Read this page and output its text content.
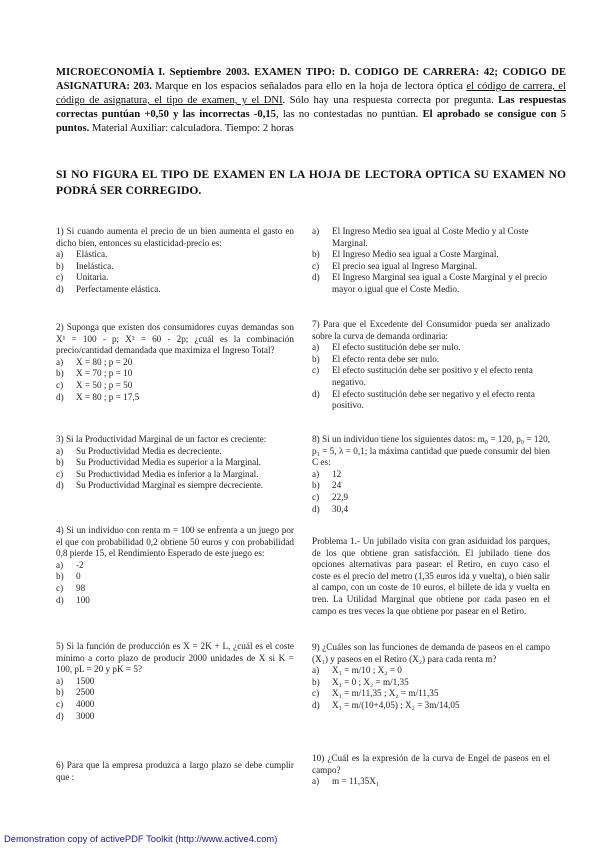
MICROECONOMÍA I. Septiembre 2003. EXAMEN TIPO: D. CODIGO DE CARRERA: 42; CODIGO DE ASIGNATURA: 203. Marque en los espacios señalados para ello en la hoja de lectora óptica el código de carrera, el código de asignatura, el tipo de examen, y el DNI. Sólo hay una respuesta correcta por pregunta. Las respuestas correctas puntúan +0,50 y las incorrectas -0,15, las no contestadas no puntúan. El aprobado se consigue con 5 puntos. Material Auxiliar: calculadora. Tiempo: 2 horas
SI NO FIGURA EL TIPO DE EXAMEN EN LA HOJA DE LECTORA OPTICA SU EXAMEN NO PODRÁ SER CORREGIDO.
1) Si cuando aumenta el precio de un bien aumenta el gasto en dicho bien, entonces su elasticidad-precio es:
a)	Elástica.
b)	Inelástica.
c)	Unitaria.
d)	Perfectamente elástica.
2) Suponga que existen dos consumidores cuyas demandas son X¹ = 100 - p; X² = 60 - 2p; ¿cuál es la combinación precio/cantidad demandada que maximiza el Ingreso Total?
a)	X = 80 ; p = 20
b)	X = 70 ; p = 10
c)	X = 50 ; p = 50
d)	X = 80 ; p = 17,5
3) Si la Productividad Marginal de un factor es creciente:
a)	Su Productividad Media es decreciente.
b)	Su Productividad Media es superior a la Marginal.
c)	Su Productividad Media es inferior a la Marginal.
d)	Su Productividad Marginal es siempre decreciente.
4) Si un individuo con renta m = 100 se enfrenta a un juego por el que con probabilidad 0,2 obtiene 50 euros y con probabilidad 0,8 pierde 15, el Rendimiento Esperado de este juego es:
a)	-2
b)	0
c)	98
d)	100
5) Si la función de producción es X = 2K + L, ¿cuál es el coste mínimo a corto plazo de producir 2000 unidades de X si K = 100, pL = 20 y pK = 5?
a)	1500
b)	2500
c)	4000
d)	3000
6) Para que la empresa produzca a largo plazo se debe cumplir que :
a)	El Ingreso Medio sea igual al Coste Medio y al Coste Marginal.
b)	El Ingreso Medio sea igual a Coste Marginal.
c)	El precio sea igual al Ingreso Marginal.
d)	El Ingreso Marginal sea igual a Coste Marginal y el precio mayor o igual que el Coste Medio.
7) Para que el Excedente del Consumidor pueda ser analizado sobre la curva de demanda ordinaria:
a)	El efecto sustitución debe ser nulo.
b)	El efecto renta debe ser nulo.
c)	El efecto sustitución debe ser positivo y el efecto renta negativo.
d)	El efecto sustitución debe ser negativo y el efecto renta positivo.
8) Si un individuo tiene los siguientes datos: m₀ = 120, p₀ = 120, p₁ = 5, λ = 0,1; la máxima cantidad que puede consumir del bien C es:
a)	12
b)	24
c)	22,9
d)	30,4
Problema 1.- Un jubilado visita con gran asiduidad los parques, de los que obtiene gran satisfacción. El jubilado tiene dos opciones alternativas para pasear: el Retiro, en cuyo caso el coste es el precio del metro (1,35 euros ida y vuelta), o bien salir al campo, con un coste de 10 euros, el billete de ida y vuelta en tren. La Utilidad Marginal que obtiene por cada paseo en el campo es tres veces la que obtiene por pasear en el Retiro.
9) ¿Cuáles son las funciones de demanda de paseos en el campo (X₁) y paseos en el Retiro (X₂) para cada renta m?
a)	X₁ = m/10 ; X₂ = 0
b)	X₁ = 0 ; X₂ = m/1,35
c)	X₁ = m/11,35 ; X₂ = m/11,35
d)	X₁ = m/(10+4,05) ; X₂ = 3m/14,05
10) ¿Cuál es la expresión de la curva de Engel de paseos en el campo?
a)	m = 11,35X₁
Demonstration copy of activePDF Toolkit (http://www.active4.com)
